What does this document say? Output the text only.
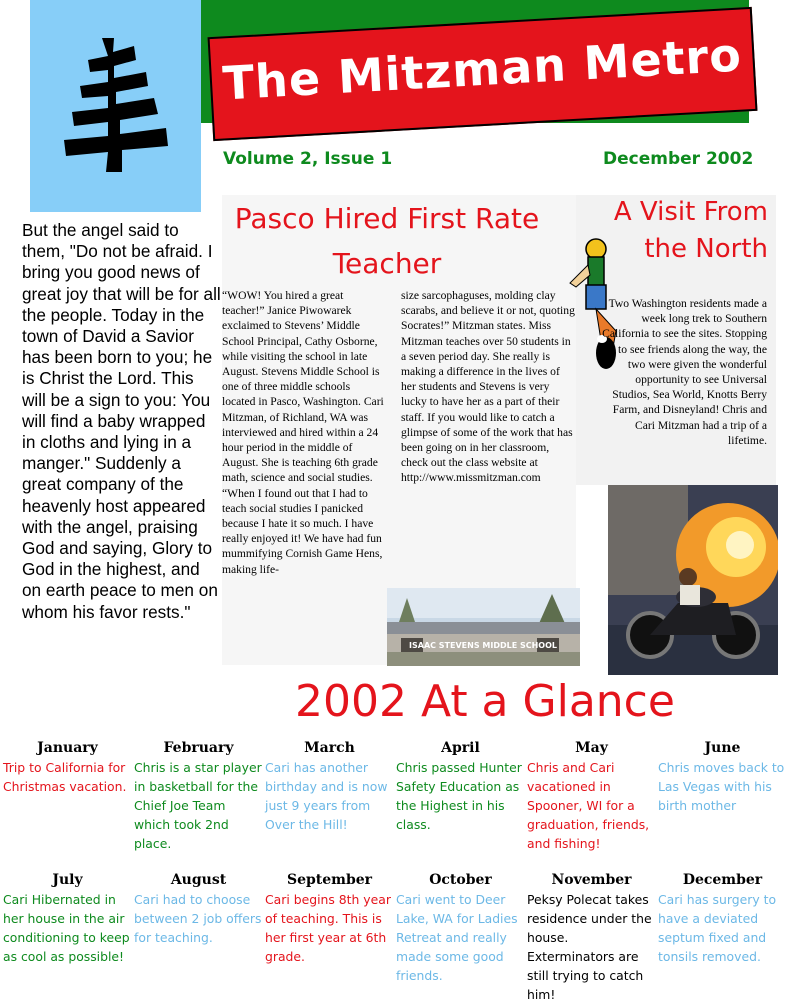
The Mitzman Metro
Volume 2, Issue 1	December 2002
But the angel said to them, "Do not be afraid. I bring you good news of great joy that will be for all the people. Today in the town of David a Savior has been born to you; he is Christ the Lord. This will be a sign to you: You will find a baby wrapped in cloths and lying in a manger." Suddenly a great company of the heavenly host appeared with the angel, praising God and saying, Glory to God in the highest, and on earth peace to men on whom his favor rests."
Pasco Hired First Rate Teacher
“WOW! You hired a great teacher!” Janice Piwowarek exclaimed to Stevens’ Middle School Principal, Cathy Osborne, while visiting the school in late August. Stevens Middle School is one of three middle schools located in Pasco, Washington. Cari Mitzman, of Richland, WA was interviewed and hired within a 24 hour period in the middle of August. She is teaching 6th grade math, science and social studies. “When I found out that I had to teach social studies I panicked because I hate it so much. I have really enjoyed it! We have had fun mummifying Cornish Game Hens, making life-
size sarcophaguses, molding clay scarabs, and believe it or not, quoting Socrates!” Mitzman states. Miss Mitzman teaches over 50 students in a seven period day. She really is making a difference in the lives of her students and Stevens is very lucky to have her as a part of their staff. If you would like to catch a glimpse of some of the work that has been going on in her classroom, check out the class website at http://www.missmitzman.com
ISAAC STEVENS MIDDLE SCHOOL
A Visit From
the North
Two Washington residents made a week long trek to Southern California to see the sites. Stopping to see friends along the way, the two were given the wonderful opportunity to see Universal Studios, Sea World, Knotts Berry Farm, and Disneyland! Chris and Cari Mitzman had a trip of a lifetime.
2002 At a Glance
January
Trip to California for Christmas vacation.
February
Chris is a star player in basketball for the Chief Joe Team which took 2nd place.
March
Cari has another birthday and is now just 9 years from Over the Hill!
April
Chris passed Hunter Safety Education as the Highest in his class.
May
Chris and Cari vacationed in Spooner, WI for a graduation, friends, and fishing!
June
Chris moves back to Las Vegas with his birth mother
July
Cari Hibernated in her house in the air conditioning to keep as cool as possible!
August
Cari had to choose between 2 job offers for teaching.
September
Cari begins 8th year of teaching. This is her first year at 6th grade.
October
Cari went to Deer Lake, WA for Ladies Retreat and really made some good friends.
November
Peksy Polecat takes residence under the house. Exterminators are still trying to catch him!
December
Cari has surgery to have a deviated septum fixed and tonsils removed.
